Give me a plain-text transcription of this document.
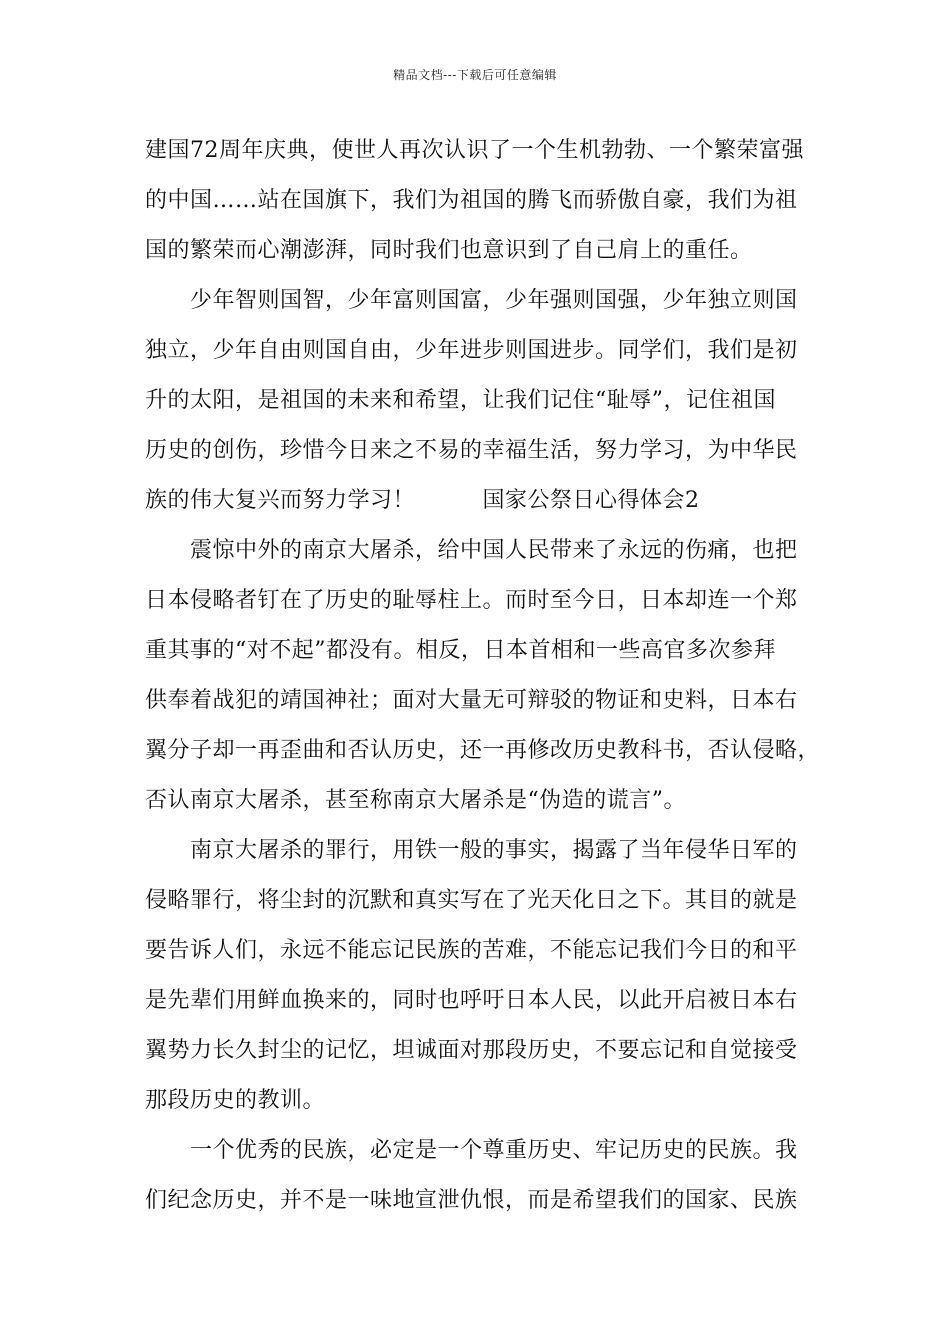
精品文档---下载后可任意编辑
建国72周年庆典，使世人再次认识了一个生机勃勃、一个繁荣富强
的中国……站在国旗下，我们为祖国的腾飞而骄傲自豪，我们为祖
国的繁荣而心潮澎湃，同时我们也意识到了自己肩上的重任。
少年智则国智，少年富则国富，少年强则国强，少年独立则国
独立，少年自由则国自由，少年进步则国进步。同学们，我们是初
升的太阳，是祖国的未来和希望，让我们记住“耻辱”，记住祖国
历史的创伤，珍惜今日来之不易的幸福生活，努力学习，为中华民
族的伟大复兴而努力学习！　　　国家公祭日心得体会2
震惊中外的南京大屠杀，给中国人民带来了永远的伤痛，也把
日本侵略者钉在了历史的耻辱柱上。而时至今日，日本却连一个郑
重其事的“对不起”都没有。相反，日本首相和一些高官多次参拜
供奉着战犯的靖国神社；面对大量无可辩驳的物证和史料，日本右
翼分子却一再歪曲和否认历史，还一再修改历史教科书，否认侵略，
否认南京大屠杀，甚至称南京大屠杀是“伪造的谎言”。
南京大屠杀的罪行，用铁一般的事实，揭露了当年侵华日军的
侵略罪行，将尘封的沉默和真实写在了光天化日之下。其目的就是
要告诉人们，永远不能忘记民族的苦难，不能忘记我们今日的和平
是先辈们用鲜血换来的，同时也呼吁日本人民，以此开启被日本右
翼势力长久封尘的记忆，坦诚面对那段历史，不要忘记和自觉接受
那段历史的教训。
一个优秀的民族，必定是一个尊重历史、牢记历史的民族。我
们纪念历史，并不是一味地宣泄仇恨，而是希望我们的国家、民族
